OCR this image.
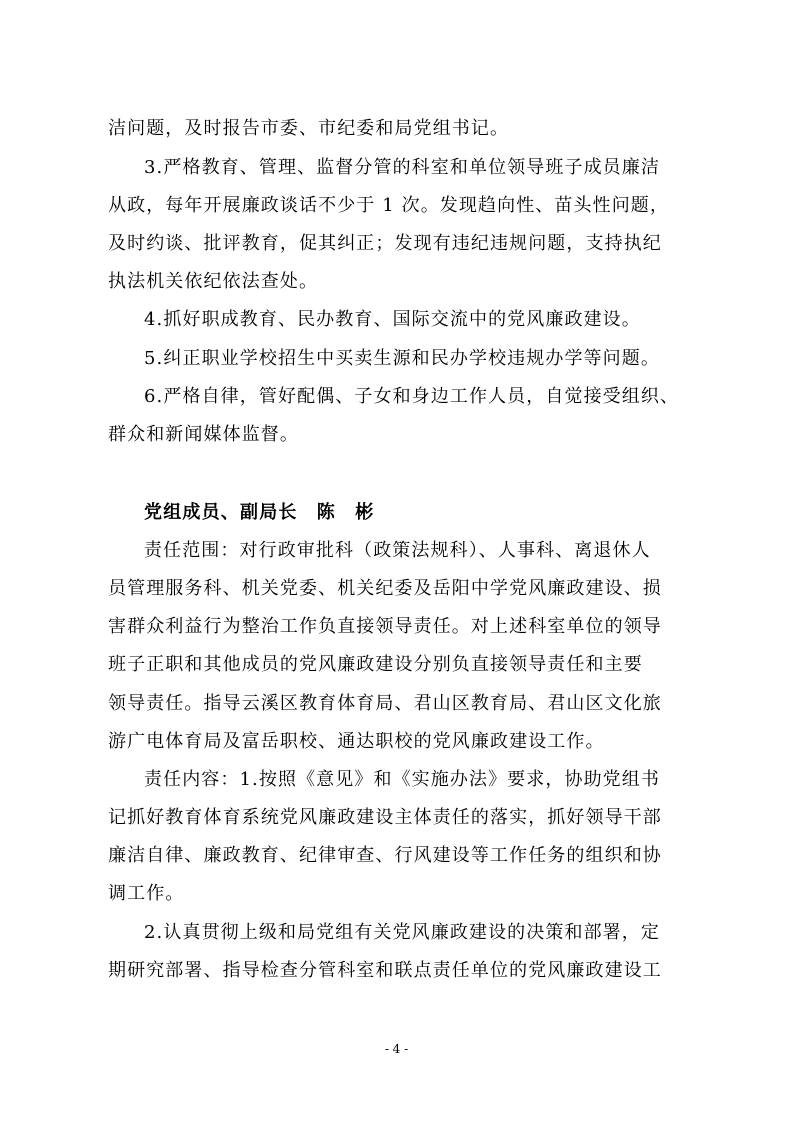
洁问题，及时报告市委、市纪委和局党组书记。
3.严格教育、管理、监督分管的科室和单位领导班子成员廉洁
从政，每年开展廉政谈话不少于 1 次。发现趋向性、苗头性问题，
及时约谈、批评教育，促其纠正；发现有违纪违规问题，支持执纪
执法机关依纪依法查处。
4.抓好职成教育、民办教育、国际交流中的党风廉政建设。
5.纠正职业学校招生中买卖生源和民办学校违规办学等问题。
6.严格自律，管好配偶、子女和身边工作人员，自觉接受组织、
群众和新闻媒体监督。
党组成员、副局长　陈　彬
责任范围：对行政审批科（政策法规科）、人事科、离退休人
员管理服务科、机关党委、机关纪委及岳阳中学党风廉政建设、损
害群众利益行为整治工作负直接领导责任。对上述科室单位的领导
班子正职和其他成员的党风廉政建设分别负直接领导责任和主要
领导责任。指导云溪区教育体育局、君山区教育局、君山区文化旅
游广电体育局及富岳职校、通达职校的党风廉政建设工作。
责任内容：1.按照《意见》和《实施办法》要求，协助党组书
记抓好教育体育系统党风廉政建设主体责任的落实，抓好领导干部
廉洁自律、廉政教育、纪律审查、行风建设等工作任务的组织和协
调工作。
2.认真贯彻上级和局党组有关党风廉政建设的决策和部署，定
期研究部署、指导检查分管科室和联点责任单位的党风廉政建设工
- 4 -
